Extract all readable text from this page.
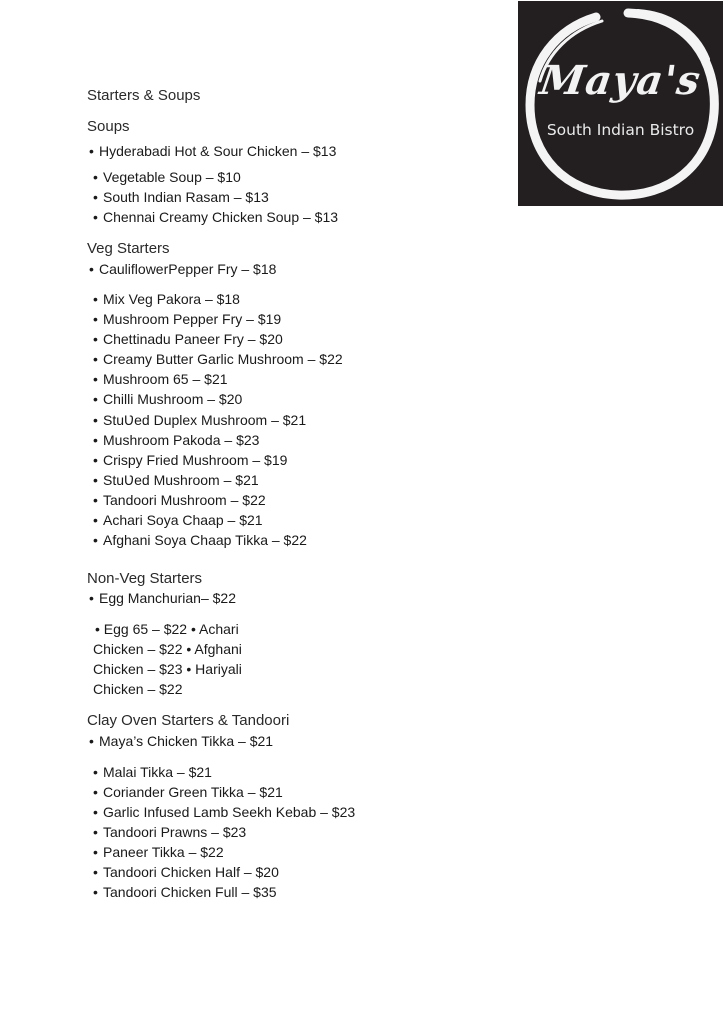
Maya's
South Indian Bistro
Starters & Soups
Soups
• Hyderabadi Hot & Sour Chicken – $13
• Vegetable Soup – $10
• South Indian Rasam – $13
• Chennai Creamy Chicken Soup – $13
Veg Starters
• CauliflowerPepper Fry – $18
• Mix Veg Pakora – $18
• Mushroom Pepper Fry – $19
• Chettinadu Paneer Fry – $20
• Creamy Butter Garlic Mushroom – $22
• Mushroom 65 – $21
• Chilli Mushroom – $20
• StuƲed Duplex Mushroom – $21
• Mushroom Pakoda – $23
• Crispy Fried Mushroom – $19
• StuƲed Mushroom – $21
• Tandoori Mushroom – $22
• Achari Soya Chaap – $21
• Afghani Soya Chaap Tikka – $22
Non-Veg Starters
• Egg Manchurian– $22
• Egg 65 – $22 • Achari
Chicken – $22 • Afghani
Chicken – $23 • Hariyali
Chicken – $22
Clay Oven Starters & Tandoori
• Maya’s Chicken Tikka – $21
• Malai Tikka – $21
• Coriander Green Tikka – $21
• Garlic Infused Lamb Seekh Kebab – $23
• Tandoori Prawns – $23
• Paneer Tikka – $22
• Tandoori Chicken Half – $20
• Tandoori Chicken Full – $35
